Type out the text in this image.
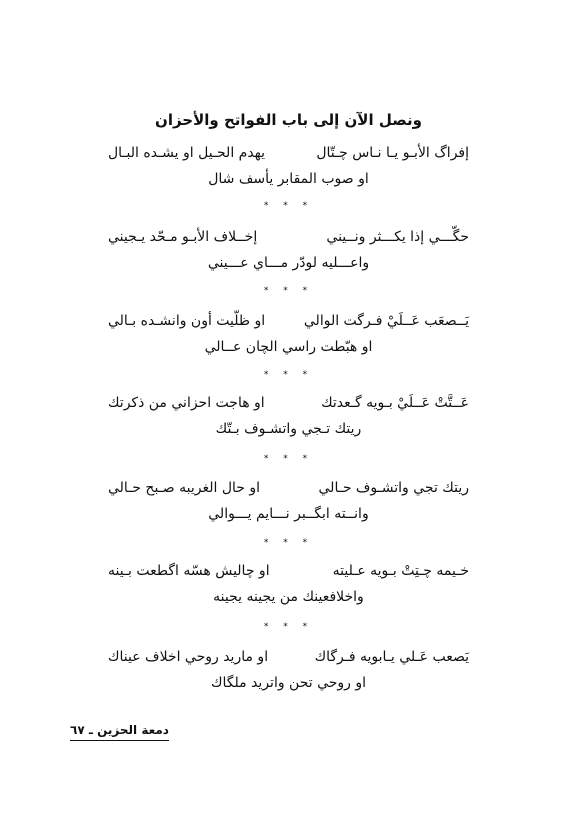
ونصل الآن إلى باب الفواتح والأحزان
إفراگ الأبـو يـا نـاس چـتّال
يهدم الحـيل او يشـده البـال
او صوب المقابر يأسف شال
* * *
حگّـــي إذا يكـــثر ونــيني
إخــلاف الأبـو مـحّد يـجيني
واعـــليه لودّر مـــاي عـــيني
* * *
يَــصعَب عَــلَيْ فـرگت الوالي
او ظلّيت أون وانشـده بـالي
او هبّطت راسي الچان عــالي
* * *
عَــتَّتْ عَــلَيْ بـويه گـعدتك
او هاجت احزاني من ذكرتك
ريتك تـجي واتشـوف بـتّك
* * *
ريتك تجي واتشـوف حـالي
او حال الغريبه صـبح حـالي
وانــته ابگــبر نـــايم يـــوالي
* * *
خـيمه چـتِتْ بـويه عـليته
او چاليش هسّه اگطعت بـينه
واخلافعينك من يجينه يجينه
* * *
يَصعب عَـلي يـابويه فـرگاك
او ماريد روحي اخلاف عيناك
او روحي تحن واتريد ملگاك
دمعة الحزين ـ ٦٧
